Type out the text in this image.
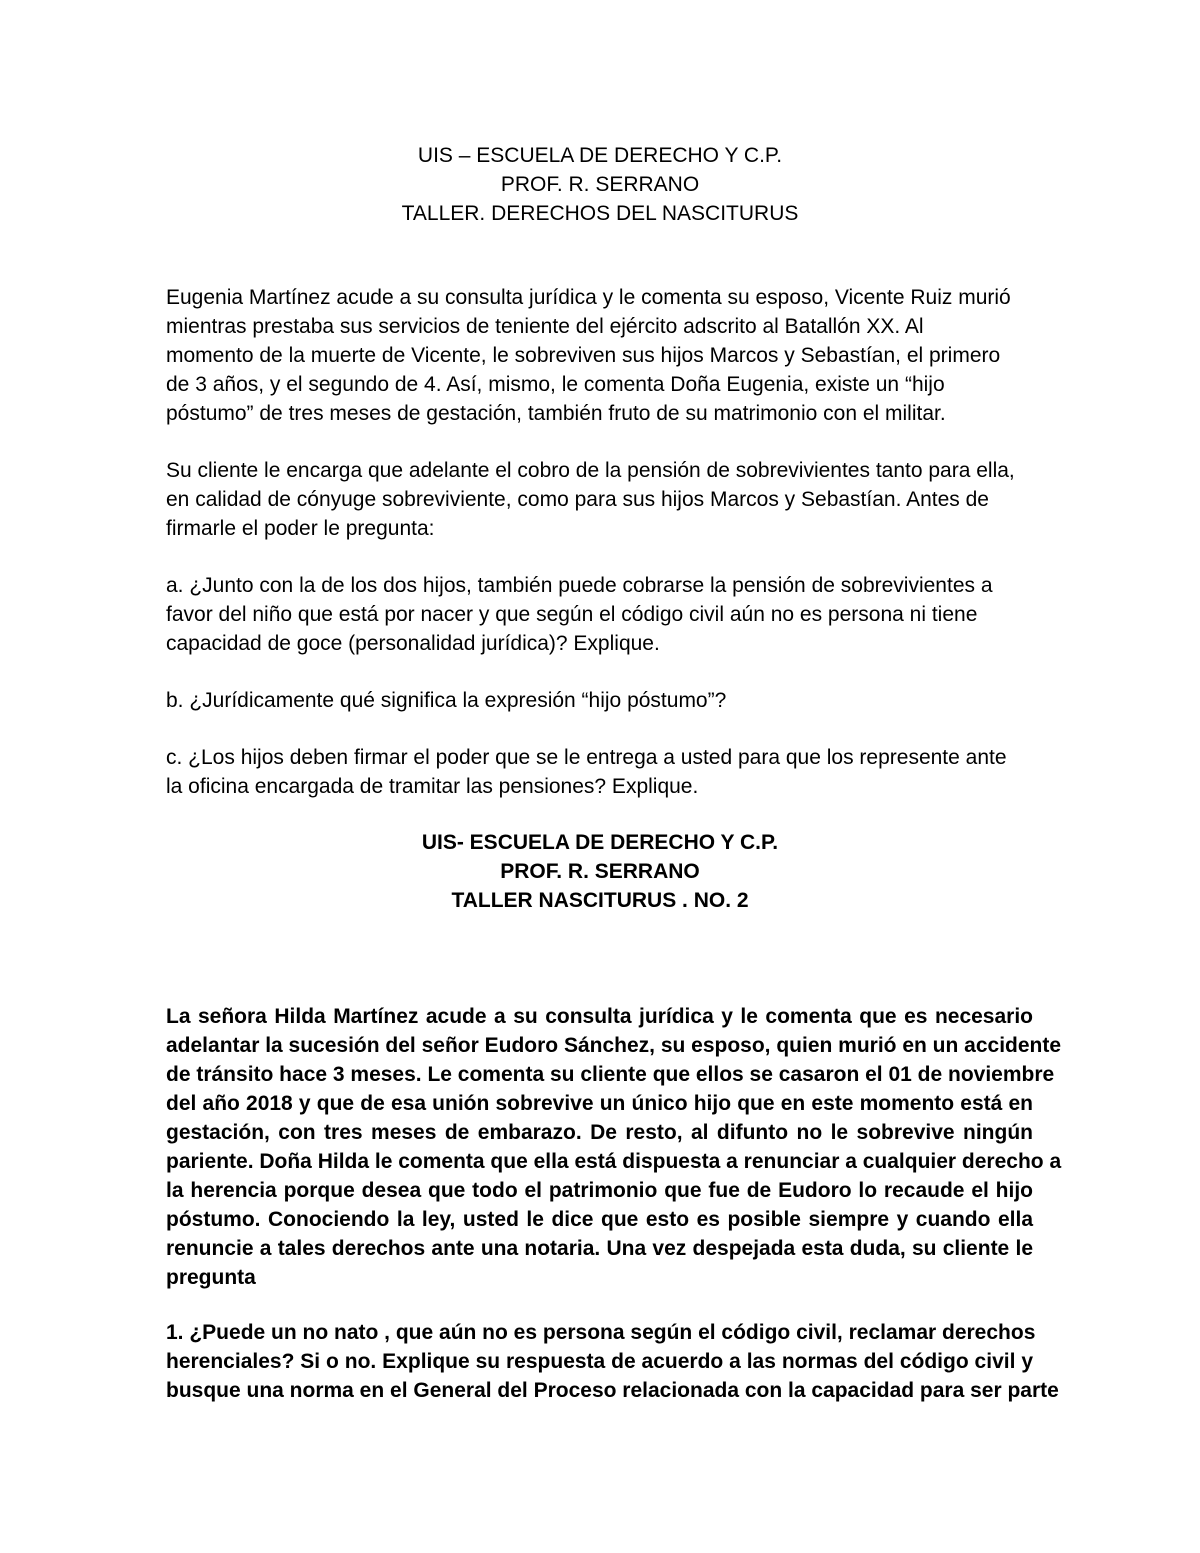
UIS – ESCUELA DE DERECHO Y C.P.
PROF. R. SERRANO
TALLER. DERECHOS DEL NASCITURUS
Eugenia Martínez acude a su consulta jurídica y le comenta su esposo, Vicente Ruiz murió
mientras prestaba sus servicios de teniente del ejército adscrito al Batallón XX. Al
momento de la muerte de Vicente, le sobreviven sus hijos Marcos y Sebastían, el primero
de 3 años, y el segundo de 4. Así, mismo, le comenta Doña Eugenia, existe un “hijo
póstumo” de tres meses de gestación, también fruto de su matrimonio con el militar.
Su cliente le encarga que adelante el cobro de la pensión de sobrevivientes tanto para ella,
en calidad de cónyuge sobreviviente, como para sus hijos Marcos y Sebastían. Antes de
firmarle el poder le pregunta:
a. ¿Junto con la de los dos hijos, también puede cobrarse la pensión de sobrevivientes a
favor del niño que está por nacer y que según el código civil aún no es persona ni tiene
capacidad de goce (personalidad jurídica)? Explique.
b. ¿Jurídicamente qué significa la expresión “hijo póstumo”?
c. ¿Los hijos deben firmar el poder que se le entrega a usted para que los represente ante
la oficina encargada de tramitar las pensiones? Explique.
UIS- ESCUELA DE DERECHO Y C.P.
PROF. R. SERRANO
TALLER NASCITURUS . NO. 2
La señora Hilda Martínez acude a su consulta jurídica y le comenta que es necesario
adelantar la sucesión del señor Eudoro Sánchez, su esposo, quien murió en un accidente
de tránsito hace 3 meses. Le comenta su cliente que ellos se casaron el 01 de noviembre
del año 2018 y que de esa unión sobrevive un único hijo que en este momento está en
gestación, con tres meses de embarazo. De resto, al difunto no le sobrevive ningún
pariente. Doña Hilda le comenta que ella está dispuesta a renunciar a cualquier derecho a
la herencia porque desea que todo el patrimonio que fue de Eudoro lo recaude el hijo
póstumo. Conociendo la ley, usted le dice que esto es posible siempre y cuando ella
renuncie a tales derechos ante una notaria. Una vez despejada esta duda, su cliente le
pregunta
1. ¿Puede un no nato , que aún no es persona según el código civil, reclamar derechos
herenciales? Si o no. Explique su respuesta de acuerdo a las normas del código civil y
busque una norma en el General del Proceso relacionada con la capacidad para ser parte
